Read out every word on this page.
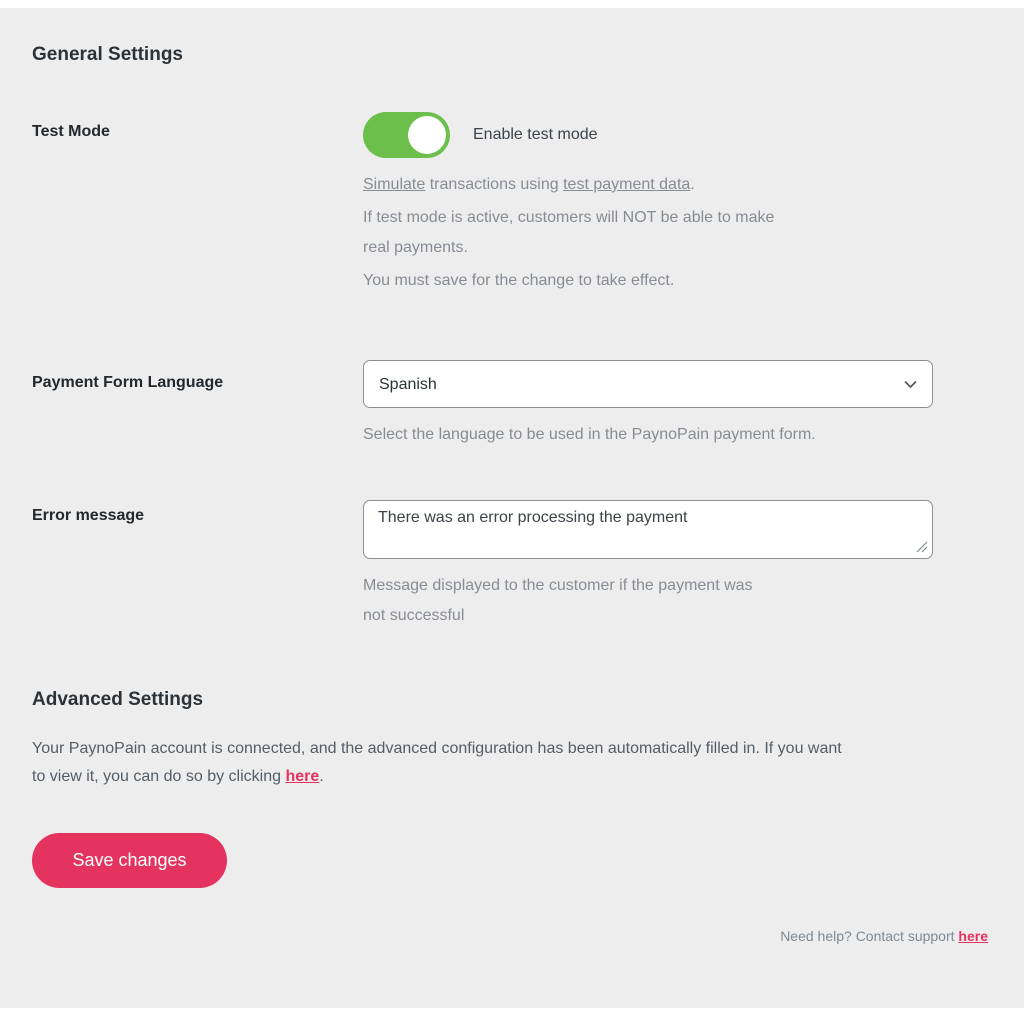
General Settings
Test Mode	Enable test mode

Simulate transactions using test payment data.

If test mode is active, customers will NOT be able to make
real payments.

You must save for the change to take effect.

Payment Form Language
Spanish
Select the language to be used in the PaynoPain payment form.
Error message
There was an error processing the payment
Message displayed to the customer if the payment was
not successful
Advanced Settings

Your PaynoPain account is connected, and the advanced configuration has been automatically filled in. If you want
to view it, you can do so by clicking here.

Save changes
Need help? Contact support here
